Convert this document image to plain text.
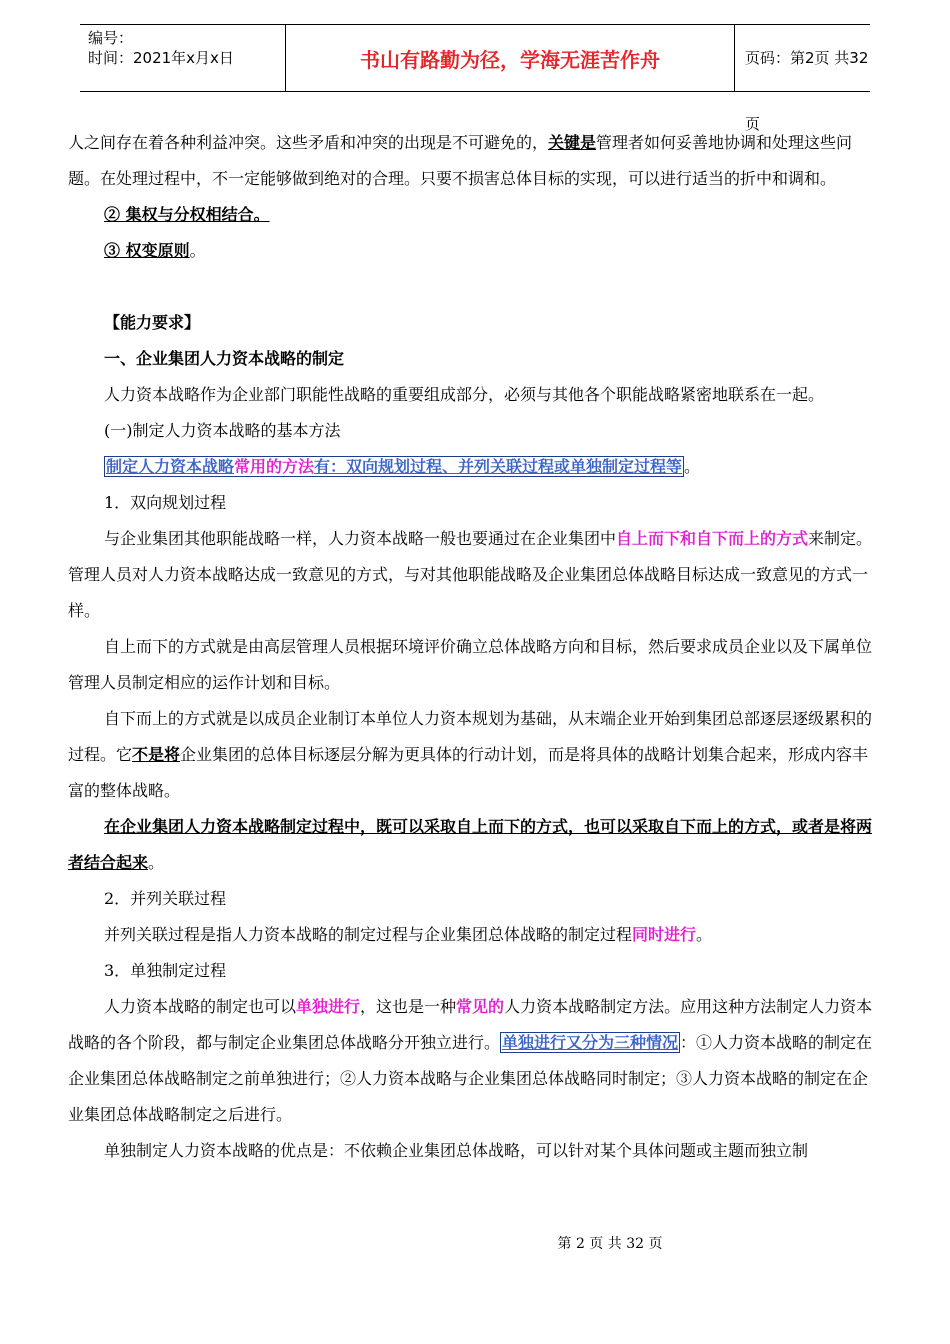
编号：
时间：2021年x月x日	书山有路勤为径，学海无涯苦作舟	页码：第2页 共32页

人之间存在着各种利益冲突。这些矛盾和冲突的出现是不可避免的，关键是管理者如何妥善地协调和处理这些问题。在处理过程中，不一定能够做到绝对的合理。只要不损害总体目标的实现，可以进行适当的折中和调和。

② 集权与分权相结合。

③ 权变原则。

【能力要求】

一、企业集团人力资本战略的制定

人力资本战略作为企业部门职能性战略的重要组成部分，必须与其他各个职能战略紧密地联系在一起。

(一)制定人力资本战略的基本方法

制定人力资本战略常用的方法有：双向规划过程、并列关联过程或单独制定过程等 。

1．双向规划过程

与企业集团其他职能战略一样，人力资本战略一般也要通过在企业集团中自上而下和自下而上的方式来制定。管理人员对人力资本战略达成一致意见的方式，与对其他职能战略及企业集团总体战略目标达成一致意见的方式一样。

自上而下的方式就是由高层管理人员根据环境评价确立总体战略方向和目标，然后要求成员企业以及下属单位管理人员制定相应的运作计划和目标。

自下而上的方式就是以成员企业制订本单位人力资本规划为基础，从末端企业开始到集团总部逐层逐级累积的过程。它不是将企业集团的总体目标逐层分解为更具体的行动计划，而是将具体的战略计划集合起来，形成内容丰富的整体战略。

在企业集团人力资本战略制定过程中，既可以采取自上而下的方式，也可以采取自下而上的方式，或者是将两者结合起来。

2．并列关联过程

并列关联过程是指人力资本战略的制定过程与企业集团总体战略的制定过程同时进行。

3．单独制定过程

人力资本战略的制定也可以单独进行，这也是一种常见的人力资本战略制定方法。应用这种方法制定人力资本战略的各个阶段，都与制定企业集团总体战略分开独立进行。 单独进行又分为三种情况 ：①人力资本战略的制定在企业集团总体战略制定之前单独进行；②人力资本战略与企业集团总体战略同时制定；③人力资本战略的制定在企业集团总体战略制定之后进行。

单独制定人力资本战略的优点是：不依赖企业集团总体战略，可以针对某个具体问题或主题而独立制

第 2 页 共 32 页
